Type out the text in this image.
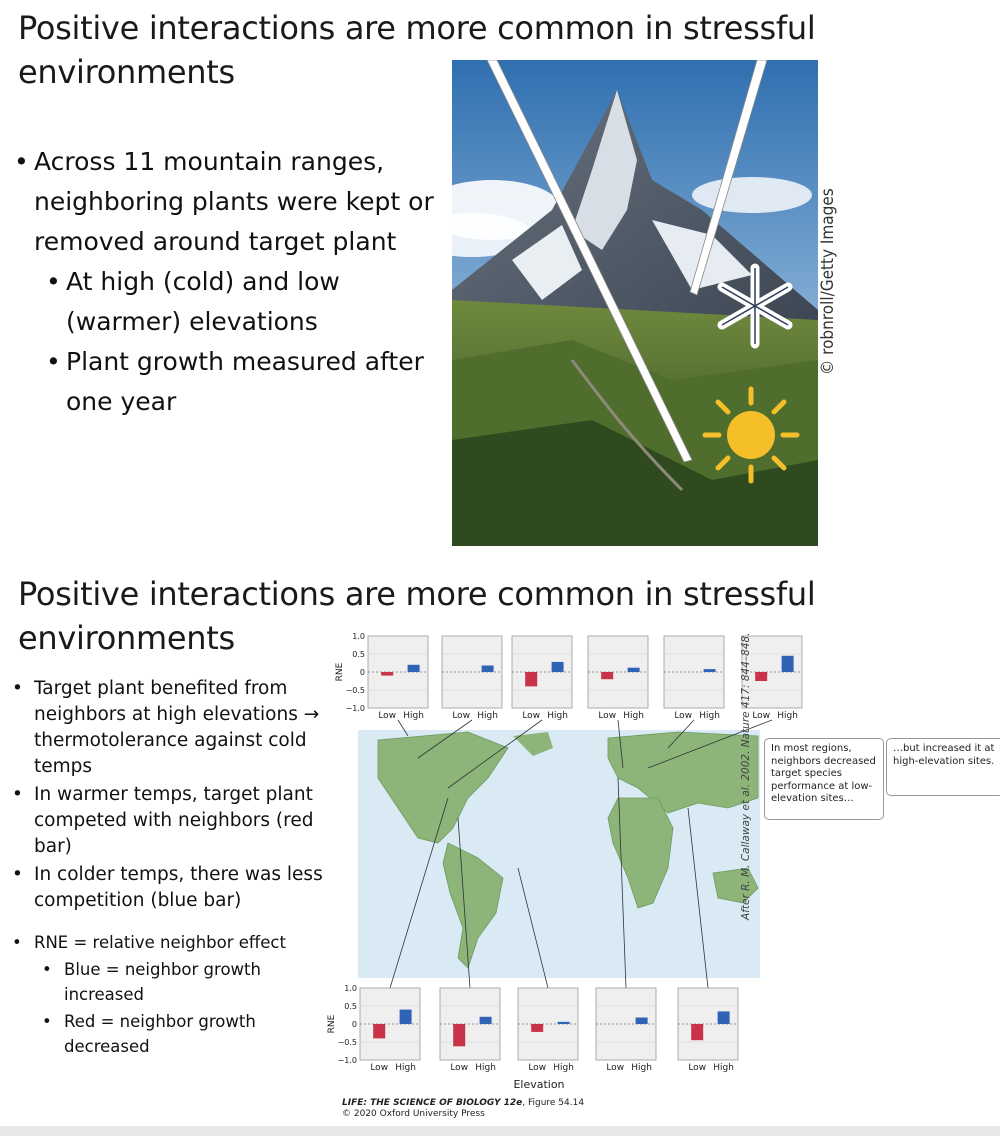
Positive interactions are more common in stressful environments
• Across 11 mountain ranges, neighboring plants were kept or removed around target plant
• At high (cold) and low (warmer) elevations
• Plant growth measured after one year
© robnroll/Getty Images
Positive interactions are more common in stressful environments
• Target plant benefited from neighbors at high elevations → thermotolerance against cold temps
• In warmer temps, target plant competed with neighbors (red bar)
• In colder temps, there was less competition (blue bar)
• RNE = relative neighbor effect
• Blue = neighbor growth increased
• Red = neighbor growth decreased
Low High
1.0
0.5
0
−0.5
−1.0
RNE
Low High	Low High	Low High	Low High	Low High
Low High
1.0
0.5
0
−0.5
−1.0
RNE
Low High	Low High	Low High	Low High
Elevation
In most regions, neighbors decreased target species performance at low-elevation sites…
…but increased it at high-elevation sites.
After R. M. Callaway et al. 2002. Nature 417: 844–848.
LIFE: THE SCIENCE OF BIOLOGY 12e, Figure 54.14
© 2020 Oxford University Press
